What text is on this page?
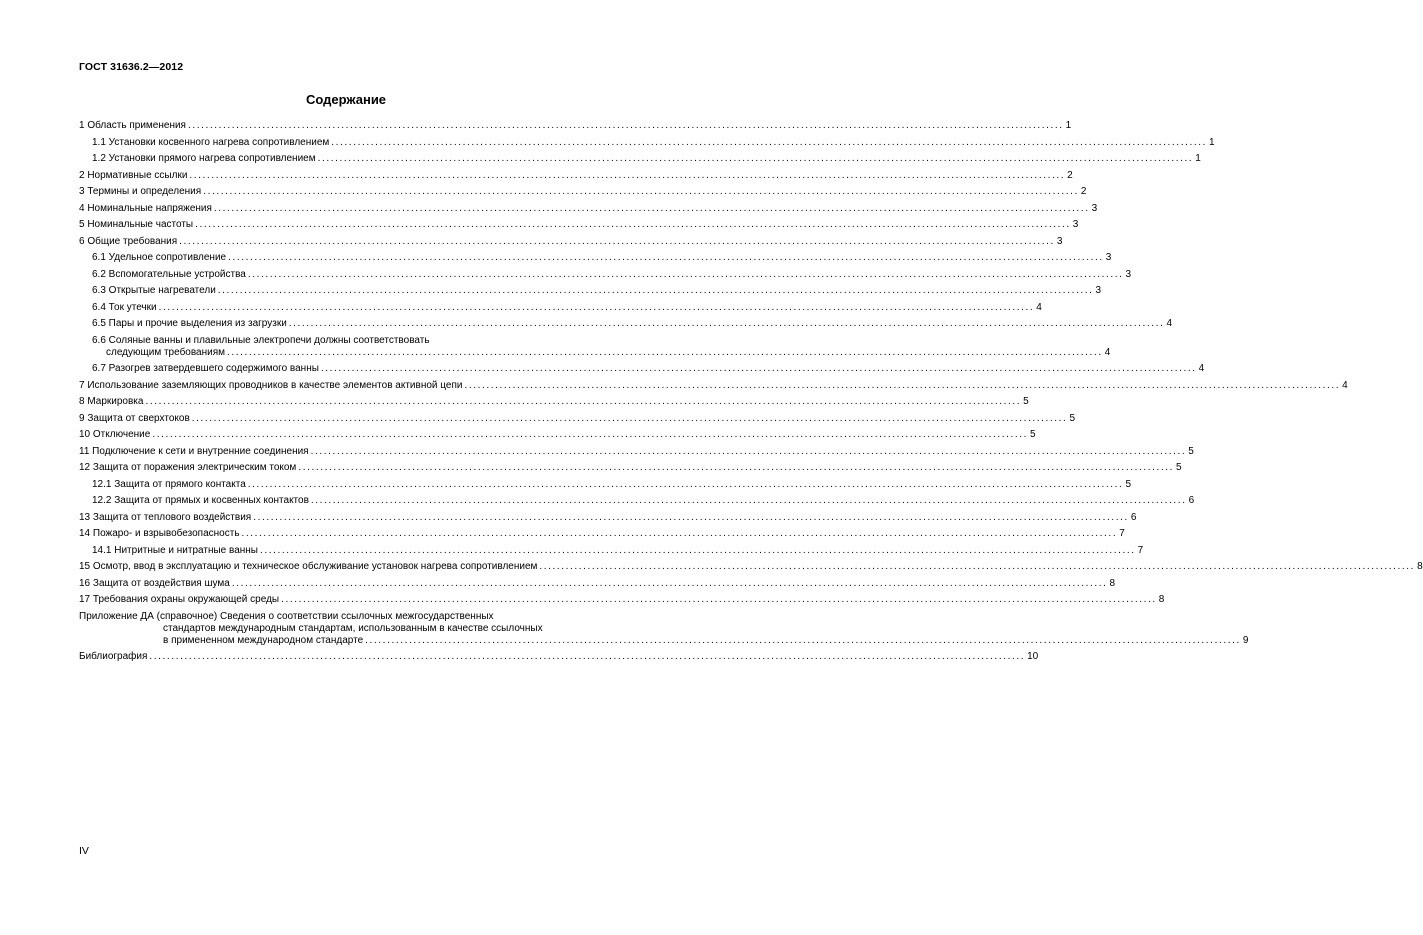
ГОСТ 31636.2—2012
Содержание
1 Область применения ........................................................................................................................................................................................................ 1
1.1 Установки косвенного нагрева сопротивлением ........................................................................................................................................................................................................ 1
1.2 Установки прямого нагрева сопротивлением ........................................................................................................................................................................................................ 1
2 Нормативные ссылки ........................................................................................................................................................................................................ 2
3 Термины и определения ........................................................................................................................................................................................................ 2
4 Номинальные напряжения ........................................................................................................................................................................................................ 3
5 Номинальные частоты ........................................................................................................................................................................................................ 3
6 Общие требования ........................................................................................................................................................................................................ 3
6.1 Удельное сопротивление ........................................................................................................................................................................................................ 3
6.2 Вспомогательные устройства ........................................................................................................................................................................................................ 3
6.3 Открытые нагреватели ........................................................................................................................................................................................................ 3
6.4 Ток утечки ........................................................................................................................................................................................................ 4
6.5 Пары и прочие выделения из загрузки ........................................................................................................................................................................................................ 4
6.6 Соляные ванны и плавильные электропечи должны соответствовать
следующим требованиям ........................................................................................................................................................................................................ 4
6.7 Разогрев затвердевшего содержимого ванны ........................................................................................................................................................................................................ 4
7 Использование заземляющих проводников в качестве элементов активной цепи ........................................................................................................................................................................................................ 4
8 Маркировка ........................................................................................................................................................................................................ 5
9 Защита от сверхтоков ........................................................................................................................................................................................................ 5
10 Отключение ........................................................................................................................................................................................................ 5
11 Подключение к сети и внутренние соединения ........................................................................................................................................................................................................ 5
12 Защита от поражения электрическим током ........................................................................................................................................................................................................ 5
12.1 Защита от прямого контакта ........................................................................................................................................................................................................ 5
12.2 Защита от прямых и косвенных контактов ........................................................................................................................................................................................................ 6
13 Защита от теплового воздействия ........................................................................................................................................................................................................ 6
14 Пожаро- и взрывобезопасность ........................................................................................................................................................................................................ 7
14.1 Нитритные и нитратные ванны ........................................................................................................................................................................................................ 7
15 Осмотр, ввод в эксплуатацию и техническое обслуживание установок нагрева сопротивлением ........................................................................................................................................................................................................ 8
16 Защита от воздействия шума ........................................................................................................................................................................................................ 8
17 Требования охраны окружающей среды ........................................................................................................................................................................................................ 8
Приложение ДА (справочное) Сведения о соответствии ссылочных межгосударственных
стандартов международным стандартам, использованным в качестве ссылочных
в примененном международном стандарте ........................................................................................................................................................................................................ 9
Библиография ........................................................................................................................................................................................................ 10
IV
